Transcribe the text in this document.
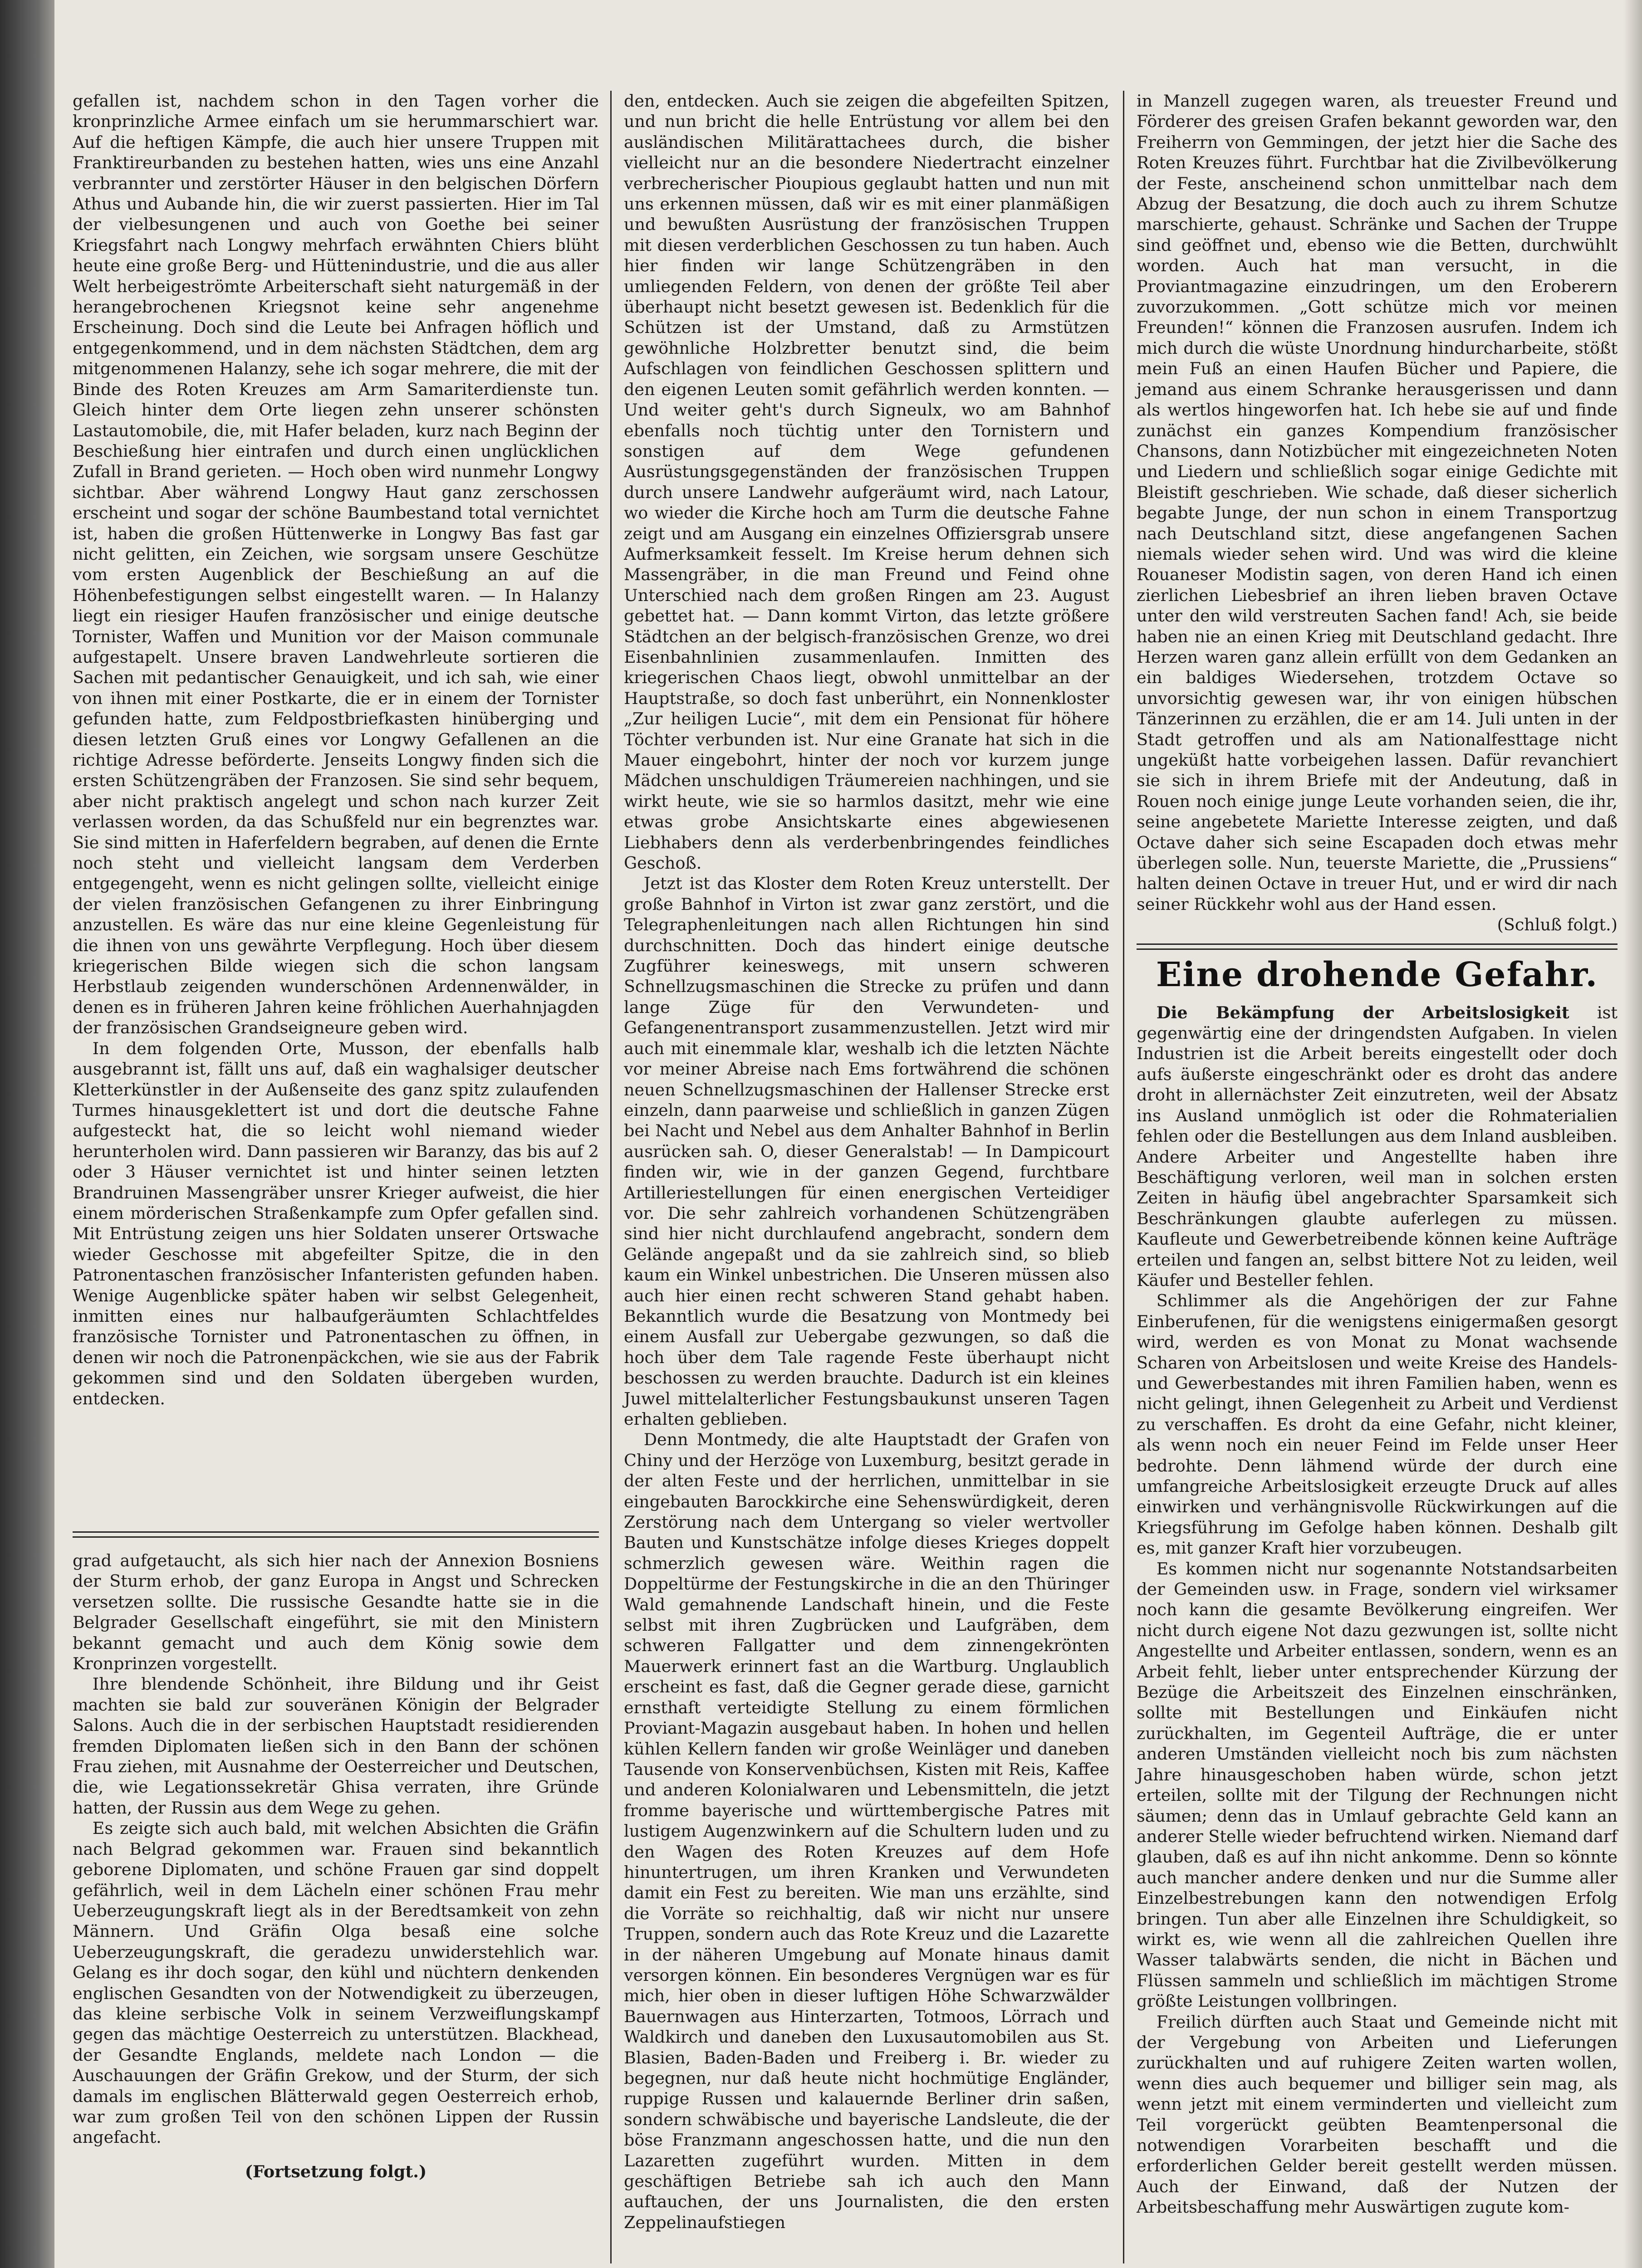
gefallen ist, nachdem schon in den Tagen vorher die kronprinzliche Armee einfach um sie herummarschiert war. Auf die heftigen Kämpfe, die auch hier unsere Truppen mit Franktireurbanden zu bestehen hatten, wies uns eine Anzahl verbrannter und zerstörter Häuser in den belgischen Dörfern Athus und Aubande hin, die wir zuerst passierten. Hier im Tal der vielbesungenen und auch von Goethe bei seiner Kriegsfahrt nach Longwy mehrfach erwähnten Chiers blüht heute eine große Berg- und Hüttenindustrie, und die aus aller Welt herbeigeströmte Arbeiterschaft sieht naturgemäß in der herangebrochenen Kriegsnot keine sehr angenehme Erscheinung. Doch sind die Leute bei Anfragen höflich und entgegenkommend, und in dem nächsten Städtchen, dem arg mitgenommenen Halanzy, sehe ich sogar mehrere, die mit der Binde des Roten Kreuzes am Arm Samariterdienste tun. Gleich hinter dem Orte liegen zehn unserer schönsten Lastautomobile, die, mit Hafer beladen, kurz nach Beginn der Beschießung hier eintrafen und durch einen unglücklichen Zufall in Brand gerieten. — Hoch oben wird nunmehr Longwy sichtbar. Aber während Longwy Haut ganz zerschossen erscheint und sogar der schöne Baumbestand total vernichtet ist, haben die großen Hüttenwerke in Longwy Bas fast gar nicht gelitten, ein Zeichen, wie sorgsam unsere Geschütze vom ersten Augenblick der Beschießung an auf die Höhenbefestigungen selbst eingestellt waren. — In Halanzy liegt ein riesiger Haufen französischer und einige deutsche Tornister, Waffen und Munition vor der Maison communale aufgestapelt. Unsere braven Landwehrleute sortieren die Sachen mit pedantischer Genauigkeit, und ich sah, wie einer von ihnen mit einer Postkarte, die er in einem der Tornister gefunden hatte, zum Feldpostbriefkasten hinüberging und diesen letzten Gruß eines vor Longwy Gefallenen an die richtige Adresse beförderte. Jenseits Longwy finden sich die ersten Schützengräben der Franzosen. Sie sind sehr bequem, aber nicht praktisch angelegt und schon nach kurzer Zeit verlassen worden, da das Schußfeld nur ein begrenztes war. Sie sind mitten in Haferfeldern begraben, auf denen die Ernte noch steht und vielleicht langsam dem Verderben entgegengeht, wenn es nicht gelingen sollte, vielleicht einige der vielen französischen Gefangenen zu ihrer Einbringung anzustellen. Es wäre das nur eine kleine Gegenleistung für die ihnen von uns gewährte Verpflegung. Hoch über diesem kriegerischen Bilde wiegen sich die schon langsam Herbstlaub zeigenden wunderschönen Ardennenwälder, in denen es in früheren Jahren keine fröhlichen Auerhahnjagden der französischen Grandseigneure geben wird.

In dem folgenden Orte, Musson, der ebenfalls halb ausgebrannt ist, fällt uns auf, daß ein waghalsiger deutscher Kletterkünstler in der Außenseite des ganz spitz zulaufenden Turmes hinausgeklettert ist und dort die deutsche Fahne aufgesteckt hat, die so leicht wohl niemand wieder herunterholen wird. Dann passieren wir Baranzy, das bis auf 2 oder 3 Häuser vernichtet ist und hinter seinen letzten Brandruinen Massengräber unsrer Krieger aufweist, die hier einem mörderischen Straßenkampfe zum Opfer gefallen sind. Mit Entrüstung zeigen uns hier Soldaten unserer Ortswache wieder Geschosse mit abgefeilter Spitze, die in den Patronentaschen französischer Infanteristen gefunden haben. Wenige Augenblicke später haben wir selbst Gelegenheit, inmitten eines nur halbaufgeräumten Schlachtfeldes französische Tornister und Patronentaschen zu öffnen, in denen wir noch die Patronenpäckchen, wie sie aus der Fabrik gekommen sind und den Soldaten übergeben wurden, entdecken.

grad aufgetaucht, als sich hier nach der Annexion Bosniens der Sturm erhob, der ganz Europa in Angst und Schrecken versetzen sollte. Die russische Gesandte hatte sie in die Belgrader Gesellschaft eingeführt, sie mit den Ministern bekannt gemacht und auch dem König sowie dem Kronprinzen vorgestellt.

Ihre blendende Schönheit, ihre Bildung und ihr Geist machten sie bald zur souveränen Königin der Belgrader Salons. Auch die in der serbischen Hauptstadt residierenden fremden Diplomaten ließen sich in den Bann der schönen Frau ziehen, mit Ausnahme der Oesterreicher und Deutschen, die, wie Legationssekretär Ghisa verraten, ihre Gründe hatten, der Russin aus dem Wege zu gehen.

Es zeigte sich auch bald, mit welchen Absichten die Gräfin nach Belgrad gekommen war. Frauen sind bekanntlich geborene Diplomaten, und schöne Frauen gar sind doppelt gefährlich, weil in dem Lächeln einer schönen Frau mehr Ueberzeugungskraft liegt als in der Beredtsamkeit von zehn Männern. Und Gräfin Olga besaß eine solche Ueberzeugungskraft, die geradezu unwiderstehlich war. Gelang es ihr doch sogar, den kühl und nüchtern denkenden englischen Gesandten von der Notwendigkeit zu überzeugen, das kleine serbische Volk in seinem Verzweiflungskampf gegen das mächtige Oesterreich zu unterstützen. Blackhead, der Gesandte Englands, meldete nach London — die Auschauungen der Gräfin Grekow, und der Sturm, der sich damals im englischen Blätterwald gegen Oesterreich erhob, war zum großen Teil von den schönen Lippen der Russin angefacht.

(Fortsetzung folgt.)

den, entdecken. Auch sie zeigen die abgefeilten Spitzen, und nun bricht die helle Entrüstung vor allem bei den ausländischen Militärattachees durch, die bisher vielleicht nur an die besondere Niedertracht einzelner verbrecherischer Pioupious geglaubt hatten und nun mit uns erkennen müssen, daß wir es mit einer planmäßigen und bewußten Ausrüstung der französischen Truppen mit diesen verderblichen Geschossen zu tun haben. Auch hier finden wir lange Schützengräben in den umliegenden Feldern, von denen der größte Teil aber überhaupt nicht besetzt gewesen ist. Bedenklich für die Schützen ist der Umstand, daß zu Armstützen gewöhnliche Holzbretter benutzt sind, die beim Aufschlagen von feindlichen Geschossen splittern und den eigenen Leuten somit gefährlich werden konnten. — Und weiter geht's durch Signeulx, wo am Bahnhof ebenfalls noch tüchtig unter den Tornistern und sonstigen auf dem Wege gefundenen Ausrüstungsgegenständen der französischen Truppen durch unsere Landwehr aufgeräumt wird, nach Latour, wo wieder die Kirche hoch am Turm die deutsche Fahne zeigt und am Ausgang ein einzelnes Offiziersgrab unsere Aufmerksamkeit fesselt. Im Kreise herum dehnen sich Massengräber, in die man Freund und Feind ohne Unterschied nach dem großen Ringen am 23. August gebettet hat. — Dann kommt Virton, das letzte größere Städtchen an der belgisch-französischen Grenze, wo drei Eisenbahnlinien zusammenlaufen. Inmitten des kriegerischen Chaos liegt, obwohl unmittelbar an der Hauptstraße, so doch fast unberührt, ein Nonnenkloster „Zur heiligen Lucie“, mit dem ein Pensionat für höhere Töchter verbunden ist. Nur eine Granate hat sich in die Mauer eingebohrt, hinter der noch vor kurzem junge Mädchen unschuldigen Träumereien nachhingen, und sie wirkt heute, wie sie so harmlos dasitzt, mehr wie eine etwas grobe Ansichtskarte eines abgewiesenen Liebhabers denn als verderbenbringendes feindliches Geschoß.

Jetzt ist das Kloster dem Roten Kreuz unterstellt. Der große Bahnhof in Virton ist zwar ganz zerstört, und die Telegraphenleitungen nach allen Richtungen hin sind durchschnitten. Doch das hindert einige deutsche Zugführer keineswegs, mit unsern schweren Schnellzugsmaschinen die Strecke zu prüfen und dann lange Züge für den Verwundeten- und Gefangenentransport zusammenzustellen. Jetzt wird mir auch mit einemmale klar, weshalb ich die letzten Nächte vor meiner Abreise nach Ems fortwährend die schönen neuen Schnellzugsmaschinen der Hallenser Strecke erst einzeln, dann paarweise und schließlich in ganzen Zügen bei Nacht und Nebel aus dem Anhalter Bahnhof in Berlin ausrücken sah. O, dieser Generalstab! — In Dampicourt finden wir, wie in der ganzen Gegend, furchtbare Artilleriestellungen für einen energischen Verteidiger vor. Die sehr zahlreich vorhandenen Schützengräben sind hier nicht durchlaufend angebracht, sondern dem Gelände angepaßt und da sie zahlreich sind, so blieb kaum ein Winkel unbestrichen. Die Unseren müssen also auch hier einen recht schweren Stand gehabt haben. Bekanntlich wurde die Besatzung von Montmedy bei einem Ausfall zur Uebergabe gezwungen, so daß die hoch über dem Tale ragende Feste überhaupt nicht beschossen zu werden brauchte. Dadurch ist ein kleines Juwel mittelalterlicher Festungsbaukunst unseren Tagen erhalten geblieben.

Denn Montmedy, die alte Hauptstadt der Grafen von Chiny und der Herzöge von Luxemburg, besitzt gerade in der alten Feste und der herrlichen, unmittelbar in sie eingebauten Barockkirche eine Sehenswürdigkeit, deren Zerstörung nach dem Untergang so vieler wertvoller Bauten und Kunstschätze infolge dieses Krieges doppelt schmerzlich gewesen wäre. Weithin ragen die Doppeltürme der Festungskirche in die an den Thüringer Wald gemahnende Landschaft hinein, und die Feste selbst mit ihren Zugbrücken und Laufgräben, dem schweren Fallgatter und dem zinnengekrönten Mauerwerk erinnert fast an die Wartburg. Unglaublich erscheint es fast, daß die Gegner gerade diese, garnicht ernsthaft verteidigte Stellung zu einem förmlichen Proviant-Magazin ausgebaut haben. In hohen und hellen kühlen Kellern fanden wir große Weinläger und daneben Tausende von Konservenbüchsen, Kisten mit Reis, Kaffee und anderen Kolonialwaren und Lebensmitteln, die jetzt fromme bayerische und württembergische Patres mit lustigem Augenzwinkern auf die Schultern luden und zu den Wagen des Roten Kreuzes auf dem Hofe hinuntertrugen, um ihren Kranken und Verwundeten damit ein Fest zu bereiten. Wie man uns erzählte, sind die Vorräte so reichhaltig, daß wir nicht nur unsere Truppen, sondern auch das Rote Kreuz und die Lazarette in der näheren Umgebung auf Monate hinaus damit versorgen können. Ein besonderes Vergnügen war es für mich, hier oben in dieser luftigen Höhe Schwarzwälder Bauernwagen aus Hinterzarten, Totmoos, Lörrach und Waldkirch und daneben den Luxusautomobilen aus St. Blasien, Baden-Baden und Freiberg i. Br. wieder zu begegnen, nur daß heute nicht hochmütige Engländer, ruppige Russen und kalauernde Berliner drin saßen, sondern schwäbische und bayerische Landsleute, die der böse Franzmann angeschossen hatte, und die nun den Lazaretten zugeführt wurden. Mitten in dem geschäftigen Betriebe sah ich auch den Mann auftauchen, der uns Journalisten, die den ersten Zeppelinaufstiegen

in Manzell zugegen waren, als treuester Freund und Förderer des greisen Grafen bekannt geworden war, den Freiherrn von Gemmingen, der jetzt hier die Sache des Roten Kreuzes führt. Furchtbar hat die Zivilbevölkerung der Feste, anscheinend schon unmittelbar nach dem Abzug der Besatzung, die doch auch zu ihrem Schutze marschierte, gehaust. Schränke und Sachen der Truppe sind geöffnet und, ebenso wie die Betten, durchwühlt worden. Auch hat man versucht, in die Proviantmagazine einzudringen, um den Eroberern zuvorzukommen. „Gott schütze mich vor meinen Freunden!“ können die Franzosen ausrufen. Indem ich mich durch die wüste Unordnung hindurcharbeite, stößt mein Fuß an einen Haufen Bücher und Papiere, die jemand aus einem Schranke herausgerissen und dann als wertlos hingeworfen hat. Ich hebe sie auf und finde zunächst ein ganzes Kompendium französischer Chansons, dann Notizbücher mit eingezeichneten Noten und Liedern und schließlich sogar einige Gedichte mit Bleistift geschrieben. Wie schade, daß dieser sicherlich begabte Junge, der nun schon in einem Transportzug nach Deutschland sitzt, diese angefangenen Sachen niemals wieder sehen wird. Und was wird die kleine Rouaneser Modistin sagen, von deren Hand ich einen zierlichen Liebesbrief an ihren lieben braven Octave unter den wild verstreuten Sachen fand! Ach, sie beide haben nie an einen Krieg mit Deutschland gedacht. Ihre Herzen waren ganz allein erfüllt von dem Gedanken an ein baldiges Wiedersehen, trotzdem Octave so unvorsichtig gewesen war, ihr von einigen hübschen Tänzerinnen zu erzählen, die er am 14. Juli unten in der Stadt getroffen und als am Nationalfesttage nicht ungeküßt hatte vorbeigehen lassen. Dafür revanchiert sie sich in ihrem Briefe mit der Andeutung, daß in Rouen noch einige junge Leute vorhanden seien, die ihr, seine angebetete Mariette Interesse zeigten, und daß Octave daher sich seine Escapaden doch etwas mehr überlegen solle. Nun, teuerste Mariette, die „Prussiens“ halten deinen Octave in treuer Hut, und er wird dir nach seiner Rückkehr wohl aus der Hand essen.

(Schluß folgt.)

Eine drohende Gefahr.

Die Bekämpfung der Arbeitslosigkeit ist gegenwärtig eine der dringendsten Aufgaben. In vielen Industrien ist die Arbeit bereits eingestellt oder doch aufs äußerste eingeschränkt oder es droht das andere droht in allernächster Zeit einzutreten, weil der Absatz ins Ausland unmöglich ist oder die Rohmaterialien fehlen oder die Bestellungen aus dem Inland ausbleiben. Andere Arbeiter und Angestellte haben ihre Beschäftigung verloren, weil man in solchen ersten Zeiten in häufig übel angebrachter Sparsamkeit sich Beschränkungen glaubte auferlegen zu müssen. Kaufleute und Gewerbetreibende können keine Aufträge erteilen und fangen an, selbst bittere Not zu leiden, weil Käufer und Besteller fehlen.

Schlimmer als die Angehörigen der zur Fahne Einberufenen, für die wenigstens einigermaßen gesorgt wird, werden es von Monat zu Monat wachsende Scharen von Arbeitslosen und weite Kreise des Handels- und Gewerbestandes mit ihren Familien haben, wenn es nicht gelingt, ihnen Gelegenheit zu Arbeit und Verdienst zu verschaffen. Es droht da eine Gefahr, nicht kleiner, als wenn noch ein neuer Feind im Felde unser Heer bedrohte. Denn lähmend würde der durch eine umfangreiche Arbeitslosigkeit erzeugte Druck auf alles einwirken und verhängnisvolle Rückwirkungen auf die Kriegsführung im Gefolge haben können. Deshalb gilt es, mit ganzer Kraft hier vorzubeugen.

Es kommen nicht nur sogenannte Notstandsarbeiten der Gemeinden usw. in Frage, sondern viel wirksamer noch kann die gesamte Bevölkerung eingreifen. Wer nicht durch eigene Not dazu gezwungen ist, sollte nicht Angestellte und Arbeiter entlassen, sondern, wenn es an Arbeit fehlt, lieber unter entsprechender Kürzung der Bezüge die Arbeitszeit des Einzelnen einschränken, sollte mit Bestellungen und Einkäufen nicht zurückhalten, im Gegenteil Aufträge, die er unter anderen Umständen vielleicht noch bis zum nächsten Jahre hinausgeschoben haben würde, schon jetzt erteilen, sollte mit der Tilgung der Rechnungen nicht säumen; denn das in Umlauf gebrachte Geld kann an anderer Stelle wieder befruchtend wirken. Niemand darf glauben, daß es auf ihn nicht ankomme. Denn so könnte auch mancher andere denken und nur die Summe aller Einzelbestrebungen kann den notwendigen Erfolg bringen. Tun aber alle Einzelnen ihre Schuldigkeit, so wirkt es, wie wenn all die zahlreichen Quellen ihre Wasser talabwärts senden, die nicht in Bächen und Flüssen sammeln und schließlich im mächtigen Strome größte Leistungen vollbringen.

Freilich dürften auch Staat und Gemeinde nicht mit der Vergebung von Arbeiten und Lieferungen zurückhalten und auf ruhigere Zeiten warten wollen, wenn dies auch bequemer und billiger sein mag, als wenn jetzt mit einem verminderten und vielleicht zum Teil vorgerückt geübten Beamtenpersonal die notwendigen Vorarbeiten beschafft und die erforderlichen Gelder bereit gestellt werden müssen. Auch der Einwand, daß der Nutzen der Arbeitsbeschaffung mehr Auswärtigen zugute kom-
